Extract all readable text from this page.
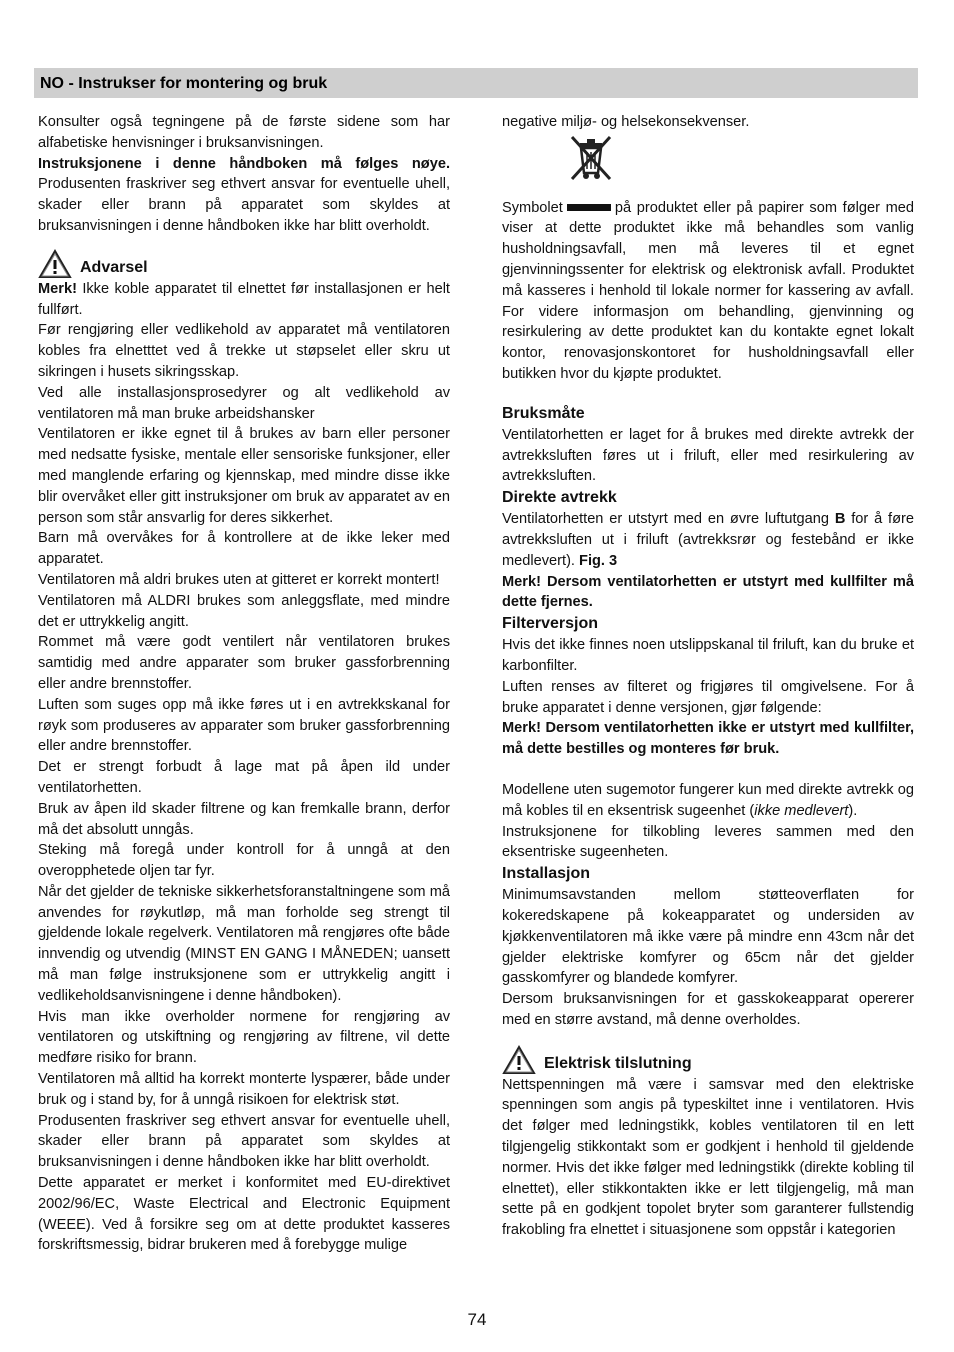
NO - Instrukser for montering og bruk

Konsulter også tegningene på de første sidene som har alfabetiske henvisninger i bruksanvisningen.

Instruksjonene i denne håndboken må følges nøye. Produsenten fraskriver seg ethvert ansvar for eventuelle uhell, skader eller brann på apparatet som skyldes at bruksanvisningen i denne håndboken ikke har blitt overholdt.

Advarsel

Merk! Ikke koble apparatet til elnettet før installasjonen er helt fullført.

Før rengjøring eller vedlikehold av apparatet må ventilatoren kobles fra elnetttet ved å trekke ut støpselet eller skru ut sikringen i husets sikringsskap.

Ved alle installasjonsprosedyrer og alt vedlikehold av ventilatoren må man bruke arbeidshansker

Ventilatoren er ikke egnet til å brukes av barn eller personer med nedsatte fysiske, mentale eller sensoriske funksjoner, eller med manglende erfaring og kjennskap, med mindre disse ikke blir overvåket eller gitt instruksjoner om bruk av apparatet av en person som står ansvarlig for deres sikkerhet.

Barn må overvåkes for å kontrollere at de ikke leker med apparatet.

Ventilatoren må aldri brukes uten at gitteret er korrekt montert!

Ventilatoren må ALDRI brukes som anleggsflate, med mindre det er uttrykkelig angitt.

Rommet må være godt ventilert når ventilatoren brukes samtidig med andre apparater som bruker gassforbrenning eller andre brennstoffer.

Luften som suges opp må ikke føres ut i en avtrekkskanal for røyk som produseres av apparater som bruker gassforbrenning eller andre brennstoffer.

Det er strengt forbudt å lage mat på åpen ild under ventilatorhetten.

Bruk av åpen ild skader filtrene og kan fremkalle brann, derfor må det absolutt unngås.

Steking må foregå under kontroll for å unngå at den overopphetede oljen tar fyr.

Når det gjelder de tekniske sikkerhetsforanstaltningene som må anvendes for røykutløp, må man forholde seg strengt til gjeldende lokale regelverk. Ventilatoren må rengjøres ofte både innvendig og utvendig (MINST EN GANG I MÅNEDEN; uansett må man følge instruksjonene som er uttrykkelig angitt i vedlikeholdsanvisningene i denne håndboken).

Hvis man ikke overholder normene for rengjøring av ventilatoren og utskiftning og rengjøring av filtrene, vil dette medføre risiko for brann.

Ventilatoren må alltid ha korrekt monterte lyspærer, både under bruk og i stand by, for å unngå risikoen for elektrisk støt.

Produsenten fraskriver seg ethvert ansvar for eventuelle uhell, skader eller brann på apparatet som skyldes at bruksanvisningen i denne håndboken ikke har blitt overholdt.

Dette apparatet er merket i konformitet med EU-direktivet 2002/96/EC, Waste Electrical and Electronic Equipment (WEEE). Ved å forsikre seg om at dette produktet kasseres forskriftsmessig, bidrar brukeren med å forebygge mulige

negative miljø- og helsekonsekvenser.

Symbolet	på produktet eller på papirer som følger med viser at dette produktet ikke må behandles som vanlig husholdningsavfall, men må leveres til et egnet gjenvinningssenter for elektrisk og elektronisk avfall. Produktet må kasseres i henhold til lokale normer for kassering av avfall. For videre informasjon om behandling, gjenvinning og resirkulering av dette produktet kan du kontakte egnet lokalt kontor, renovasjonskontoret for husholdningsavfall eller butikken hvor du kjøpte produktet.

Bruksmåte

Ventilatorhetten er laget for å brukes med direkte avtrekk der avtrekksluften føres ut i friluft, eller med resirkulering av avtrekksluften.

Direkte avtrekk

Ventilatorhetten er utstyrt med en øvre luftutgang B for å føre avtrekksluften ut i friluft (avtrekksrør og festebånd er ikke medlevert). Fig. 3

Merk! Dersom ventilatorhetten er utstyrt med kullfilter må dette fjernes.

Filterversjon

Hvis det ikke finnes noen utslippskanal til friluft, kan du bruke et karbonfilter.

Luften renses av filteret og frigjøres til omgivelsene. For å bruke apparatet i denne versjonen, gjør følgende:

Merk! Dersom ventilatorhetten ikke er utstyrt med kullfilter, må dette bestilles og monteres før bruk.

Modellene uten sugemotor fungerer kun med direkte avtrekk og må kobles til en eksentrisk sugeenhet (ikke medlevert).

Instruksjonene for tilkobling leveres sammen med den eksentriske sugeenheten.

Installasjon

Minimumsavstanden mellom støtteoverflaten for kokeredskapene på kokeapparatet og undersiden av kjøkkenventilatoren må ikke være på mindre enn 43cm når det gjelder elektriske komfyrer og 65cm når det gjelder gasskomfyrer og blandede komfyrer.

Dersom bruksanvisningen for et gasskokeapparat opererer med en større avstand, må denne overholdes.

Elektrisk tilslutning

Nettspenningen må være i samsvar med den elektriske spenningen som angis på typeskiltet inne i ventilatoren. Hvis det følger med ledningstikk, kobles ventilatoren til en lett tilgjengelig stikkontakt som er godkjent i henhold til gjeldende normer. Hvis det ikke følger med ledningstikk (direkte kobling til elnettet), eller stikkontakten ikke er lett tilgjengelig, må man sette på en godkjent topolet bryter som garanterer fullstendig frakobling fra elnettet i situasjonene som oppstår i kategorien

74
